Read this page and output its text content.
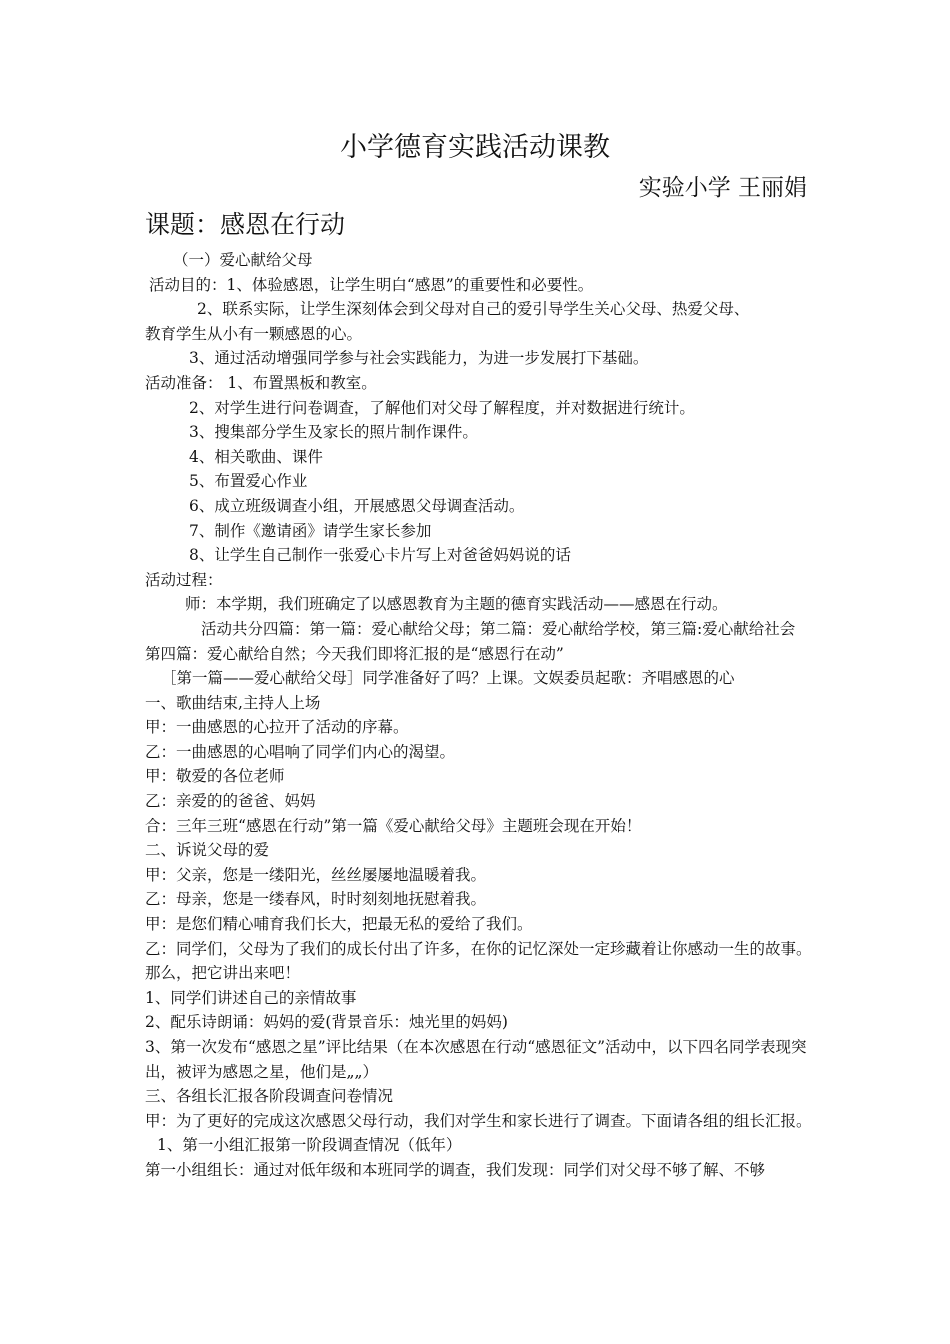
小学德育实践活动课教
实验小学 王丽娟
课题：感恩在行动

（一）爱心献给父母

活动目的：1、体验感恩，让学生明白“感恩”的重要性和必要性。

2、联系实际，让学生深刻体会到父母对自己的爱引导学生关心父母、热爱父母、

教育学生从小有一颗感恩的心。

3、通过活动增强同学参与社会实践能力，为进一步发展打下基础。

活动准备： 1、布置黑板和教室。

2、对学生进行问卷调查，了解他们对父母了解程度，并对数据进行统计。

3、搜集部分学生及家长的照片制作课件。

4、相关歌曲、课件

5、布置爱心作业

6、成立班级调查小组，开展感恩父母调查活动。

7、制作《邀请函》请学生家长参加

8、让学生自己制作一张爱心卡片写上对爸爸妈妈说的话

活动过程：

师：本学期，我们班确定了以感恩教育为主题的德育实践活动——感恩在行动。

活动共分四篇：第一篇：爱心献给父母；第二篇：爱心献给学校，第三篇:爱心献给社会

第四篇：爱心献给自然；今天我们即将汇报的是“感恩行在动”

［第一篇——爱心献给父母］同学准备好了吗？上课。文娱委员起歌：齐唱感恩的心

一、歌曲结束,主持人上场

甲：一曲感恩的心拉开了活动的序幕。

乙：一曲感恩的心唱响了同学们内心的渴望。

甲：敬爱的各位老师

乙：亲爱的的爸爸、妈妈

合：三年三班“感恩在行动”第一篇《爱心献给父母》主题班会现在开始！

二、诉说父母的爱

甲：父亲，您是一缕阳光，丝丝屡屡地温暖着我。

乙：母亲，您是一缕春风，时时刻刻地抚慰着我。

甲：是您们精心哺育我们长大，把最无私的爱给了我们。

乙：同学们，父母为了我们的成长付出了许多，在你的记忆深处一定珍藏着让你感动一生的故事。那么，把它讲出来吧！

1、同学们讲述自己的亲情故事

2、配乐诗朗诵：妈妈的爱(背景音乐：烛光里的妈妈)

3、第一次发布“感恩之星”评比结果（在本次感恩在行动“感恩征文”活动中，以下四名同学表现突出，被评为感恩之星，他们是„„）

三、各组长汇报各阶段调查问卷情况

甲：为了更好的完成这次感恩父母行动，我们对学生和家长进行了调查。下面请各组的组长汇报。

1、第一小组汇报第一阶段调查情况（低年）

第一小组组长：通过对低年级和本班同学的调查，我们发现：同学们对父母不够了解、不够
